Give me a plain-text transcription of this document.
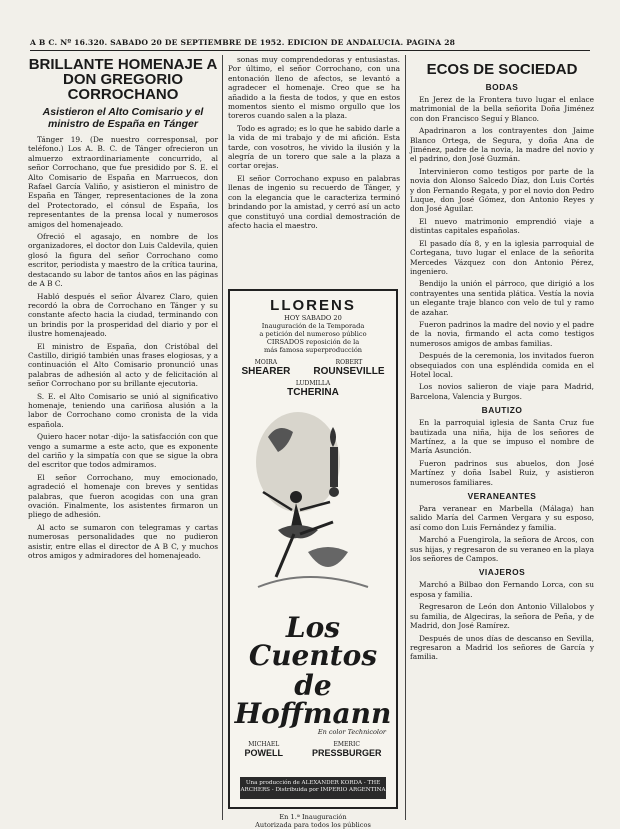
A B C. Nº 16.320. SABADO 20 DE SEPTIEMBRE DE 1952. EDICION DE ANDALUCIA. PAGINA 28
BRILLANTE HOMENAJE A DON GREGORIO CORROCHANO
Asistieron el Alto Comisario y el ministro de España en Tánger

Tánger 19. (De nuestro corresponsal, por teléfono.) Los A. B. C. de Tánger ofrecieron un almuerzo extraordinariamente concurrido, al señor Corrochano, que fue presidido por S. E. el Alto Comisario de España en Marruecos, don Rafael García Valiño, y asistieron el ministro de España en Tánger, representaciones de la zona del Protectorado, el cónsul de España, los representantes de la prensa local y numerosos amigos del homenajeado.

Ofreció el agasajo, en nombre de los organizadores, el doctor don Luis Caldevila, quien glosó la figura del señor Corrochano como escritor, periodista y maestro de la crítica taurina, destacando su labor de tantos años en las páginas de A B C.

Habló después el señor Álvarez Claro, quien recordó la obra de Corrochano en Tánger y su constante afecto hacia la ciudad, terminando con un brindis por la prosperidad del diario y por el ilustre homenajeado.

El ministro de España, don Cristóbal del Castillo, dirigió también unas frases elogiosas, y a continuación el Alto Comisario pronunció unas palabras de adhesión al acto y de felicitación al señor Corrochano por su brillante ejecutoria.

S. E. el Alto Comisario se unió al significativo homenaje, teniendo una cariñosa alusión a la labor de Corrochano como cronista de la vida española.

Quiero hacer notar -dijo- la satisfacción con que vengo a sumarme a este acto, que es exponente del cariño y la simpatía con que se sigue la obra del escritor que todos admiramos.

El señor Corrochano, muy emocionado, agradeció el homenaje con breves y sentidas palabras, que fueron acogidas con una gran ovación. Finalmente, los asistentes firmaron un pliego de adhesión.

Al acto se sumaron con telegramas y cartas numerosas personalidades que no pudieron asistir, entre ellas el director de A B C, y muchos otros amigos y admiradores del homenajeado.

sonas muy comprendedoras y entusiastas. Por último, el señor Corrochano, con una entonación lleno de afectos, se levantó a agradecer el homenaje. Creo que se ha añadido a la fiesta de todos, y que en estos momentos siento el mismo orgullo que los toreros cuando salen a la plaza.

Todo es agrado; es lo que he sabido darle a la vida de mi trabajo y de mi afición. Esta tarde, con vosotros, he vivido la ilusión y la alegría de un torero que sale a la plaza a cortar orejas.

El señor Corrochano expuso en palabras llenas de ingenio su recuerdo de Tánger, y con la elegancia que le caracteriza terminó brindando por la amistad, y cerró así un acto que constituyó una cordial demostración de afecto hacia el maestro.

LLORENS
HOY SABADO 20
Inauguración de la Temporada
a petición del numeroso público
CIRSADOS reposición de la
más famosa superproducción
MOIRA
SHEARER
ROBERT
ROUNSEVILLE
LUDMILLA
TCHERINA
Los Cuentos
de Hoffmann
En color Technicolor
MICHAEL
POWELL
EMERIC
PRESSBURGER
Una producción de ALEXANDER KORDA - THE ARCHERS - Distribuida por IMPERIO ARGENTINA
En 1.ª Inauguración
Autorizada para todos los públicos
ECOS DE SOCIEDAD
BODAS

En Jerez de la Frontera tuvo lugar el enlace matrimonial de la bella señorita Doña Jiménez con don Francisco Seguí y Blanco.

Apadrinaron a los contrayentes don Jaime Blanco Ortega, de Segura, y doña Ana de Jiménez, padre de la novia, la madre del novio y el padrino, don José Guzmán.

Intervinieron como testigos por parte de la novia don Alonso Salcedo Díaz, don Luis Cortés y don Fernando Regata, y por el novio don Pedro Luque, don José Gómez, don Antonio Reyes y don José Aguilar.

El nuevo matrimonio emprendió viaje a distintas capitales españolas.

El pasado día 8, y en la iglesia parroquial de Cortegana, tuvo lugar el enlace de la señorita Mercedes Vázquez con don Antonio Pérez, ingeniero.

Bendijo la unión el párroco, que dirigió a los contrayentes una sentida plática. Vestía la novia un elegante traje blanco con velo de tul y ramo de azahar.

Fueron padrinos la madre del novio y el padre de la novia, firmando el acta como testigos numerosos amigos de ambas familias.

Después de la ceremonia, los invitados fueron obsequiados con una espléndida comida en el Hotel local.

Los novios salieron de viaje para Madrid, Barcelona, Valencia y Burgos.

BAUTIZO

En la parroquial iglesia de Santa Cruz fue bautizada una niña, hija de los señores de Martínez, a la que se impuso el nombre de María Asunción.

Fueron padrinos sus abuelos, don José Martínez y doña Isabel Ruiz, y asistieron numerosos familiares.

VERANEANTES

Para veranear en Marbella (Málaga) han salido María del Carmen Vergara y su esposo, así como don Luis Fernández y familia.

Marchó a Fuengirola, la señora de Arcos, con sus hijas, y regresaron de su veraneo en la playa los señores de Campos.

VIAJEROS

Marchó a Bilbao don Fernando Lorca, con su esposa y familia.

Regresaron de León don Antonio Villalobos y su familia, de Algeciras, la señora de Peña, y de Madrid, don José Ramírez.

Después de unos días de descanso en Sevilla, regresaron a Madrid los señores de García y familia.
